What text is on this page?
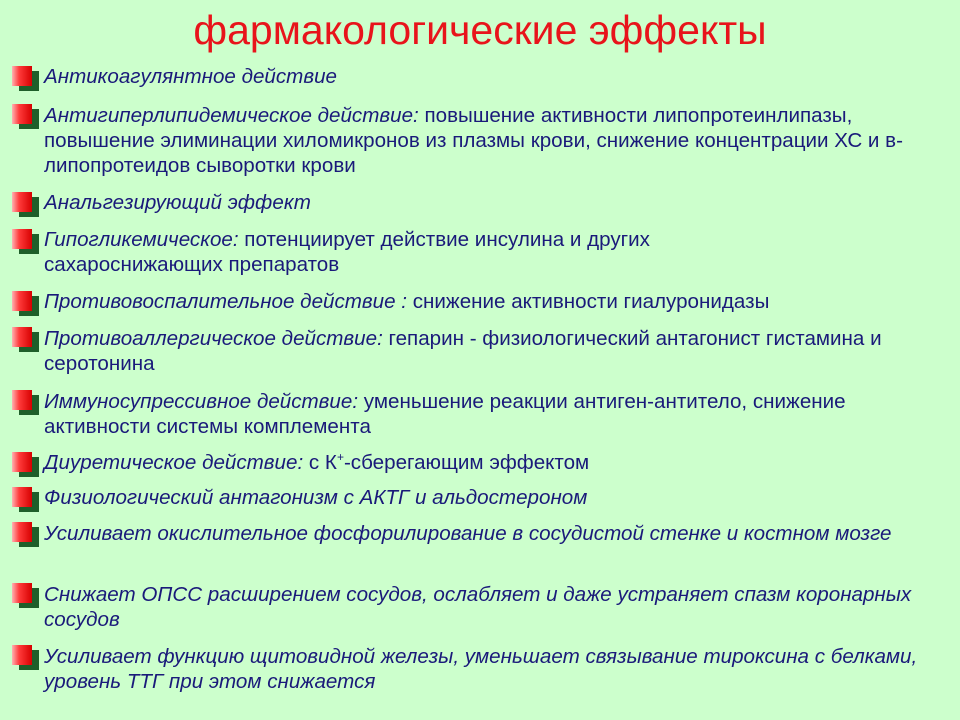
фармакологические эффекты
Антикоагулянтное действие
Антигиперлипидемическое действие: повышение активности липопротеинлипазы, повышение элиминации хиломикронов из плазмы крови, снижение концентрации ХС и в-липопротеидов сыворотки крови
Анальгезирующий эффект
Гипогликемическое: потенциирует действие инсулина и других сахароснижающих препаратов
Противовоспалительное действие : снижение активности гиалуронидазы
Противоаллергическое действие: гепарин - физиологический антагонист гистамина и серотонина
Иммуносупрессивное действие: уменьшение реакции антиген-антитело, снижение активности системы комплемента
Диуретическое действие: с К+-сберегающим эффектом
Физиологический антагонизм с АКТГ и альдостероном
Усиливает окислительное фосфорилирование в сосудистой стенке и костном мозге
Снижает ОПСС расширением сосудов, ослабляет и даже устраняет спазм коронарных сосудов
Усиливает функцию щитовидной железы, уменьшает связывание тироксина с белками, уровень ТТГ при этом снижается
